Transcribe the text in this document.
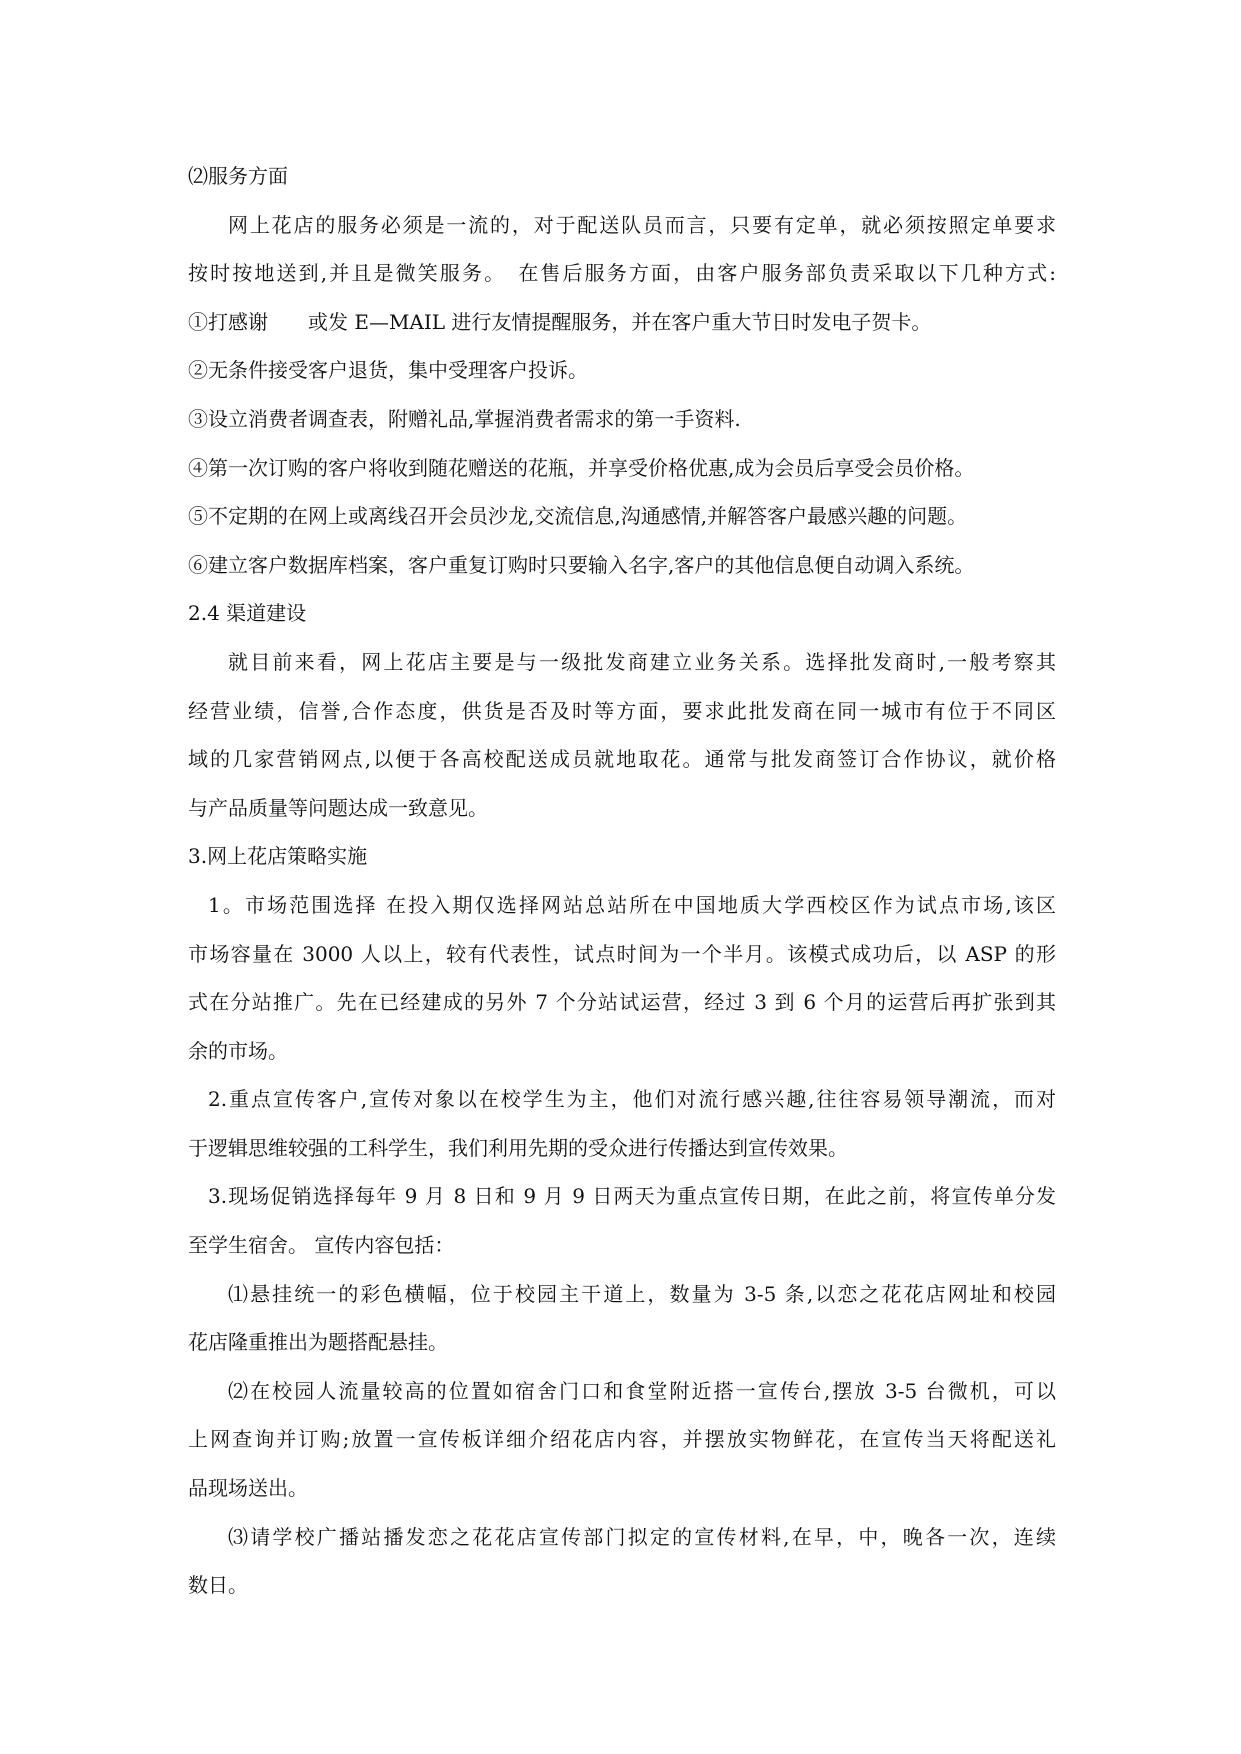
⑵服务方面
网上花店的服务必须是一流的，对于配送队员而言，只要有定单，就必须按照定单要求
按时按地送到,并且是微笑服务。　在售后服务方面，由客户服务部负责采取以下几种方式:
①打感谢　　或发 E—MAIL 进行友情提醒服务，并在客户重大节日时发电子贺卡。
②无条件接受客户退货，集中受理客户投诉。
③设立消费者调查表，附赠礼品,掌握消费者需求的第一手资料.
④第一次订购的客户将收到随花赠送的花瓶，并享受价格优惠,成为会员后享受会员价格。
⑤不定期的在网上或离线召开会员沙龙,交流信息,沟通感情,并解答客户最感兴趣的问题。
⑥建立客户数据库档案，客户重复订购时只要输入名字,客户的其他信息便自动调入系统。
2.4 渠道建设
就目前来看，网上花店主要是与一级批发商建立业务关系。选择批发商时,一般考察其
经营业绩，信誉,合作态度，供货是否及时等方面，要求此批发商在同一城市有位于不同区
域的几家营销网点,以便于各高校配送成员就地取花。通常与批发商签订合作协议，就价格
与产品质量等问题达成一致意见。
3.网上花店策略实施
1。市场范围选择 在投入期仅选择网站总站所在中国地质大学西校区作为试点市场,该区
市场容量在 3000 人以上，较有代表性，试点时间为一个半月。该模式成功后，以 ASP 的形
式在分站推广。先在已经建成的另外 7 个分站试运营，经过 3 到 6 个月的运营后再扩张到其
余的市场。
2.重点宣传客户,宣传对象以在校学生为主，他们对流行感兴趣,往往容易领导潮流，而对
于逻辑思维较强的工科学生，我们利用先期的受众进行传播达到宣传效果。
3.现场促销选择每年 9 月 8 日和 9 月 9 日两天为重点宣传日期，在此之前，将宣传单分发
至学生宿舍。 宣传内容包括：
⑴悬挂统一的彩色横幅，位于校园主干道上，数量为 3-5 条,以恋之花花店网址和校园
花店隆重推出为题搭配悬挂。
⑵在校园人流量较高的位置如宿舍门口和食堂附近搭一宣传台,摆放 3-5 台微机，可以
上网查询并订购;放置一宣传板详细介绍花店内容，并摆放实物鲜花，在宣传当天将配送礼
品现场送出。
⑶请学校广播站播发恋之花花店宣传部门拟定的宣传材料,在早，中，晚各一次，连续
数日。
